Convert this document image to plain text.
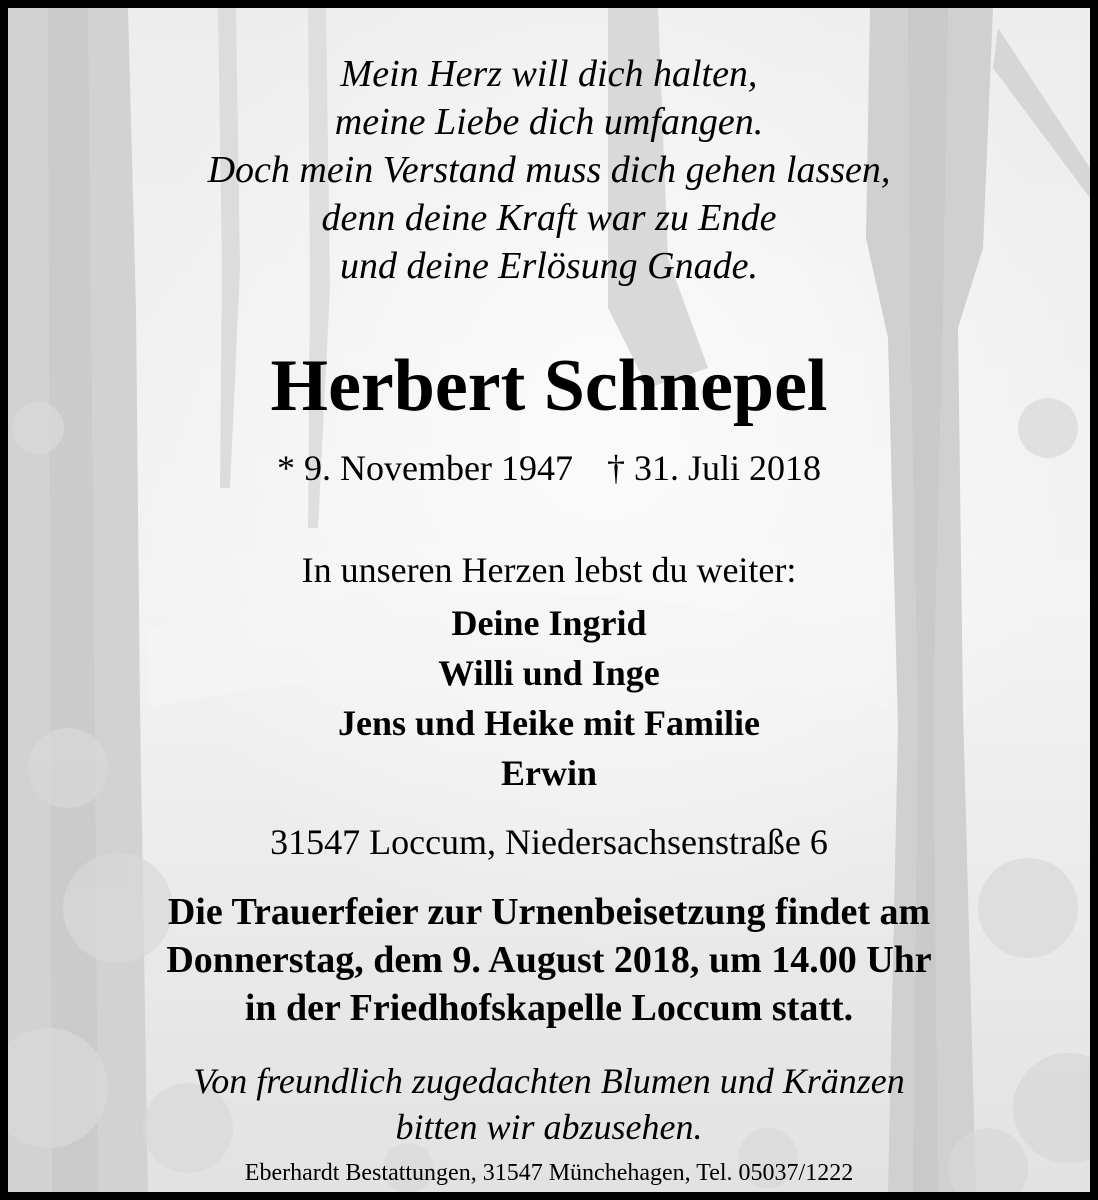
Mein Herz will dich halten,
meine Liebe dich umfangen.
Doch mein Verstand muss dich gehen lassen,
denn deine Kraft war zu Ende
und deine Erlösung Gnade.
Herbert Schnepel
* 9. November 1947 † 31. Juli 2018
In unseren Herzen lebst du weiter:
Deine Ingrid
Willi und Inge
Jens und Heike mit Familie
Erwin
31547 Loccum, Niedersachsenstraße 6
Die Trauerfeier zur Urnenbeisetzung findet am
Donnerstag, dem 9. August 2018, um 14.00 Uhr
in der Friedhofskapelle Loccum statt.
Von freundlich zugedachten Blumen und Kränzen
bitten wir abzusehen.
Eberhardt Bestattungen, 31547 Münchehagen, Tel. 05037/1222
